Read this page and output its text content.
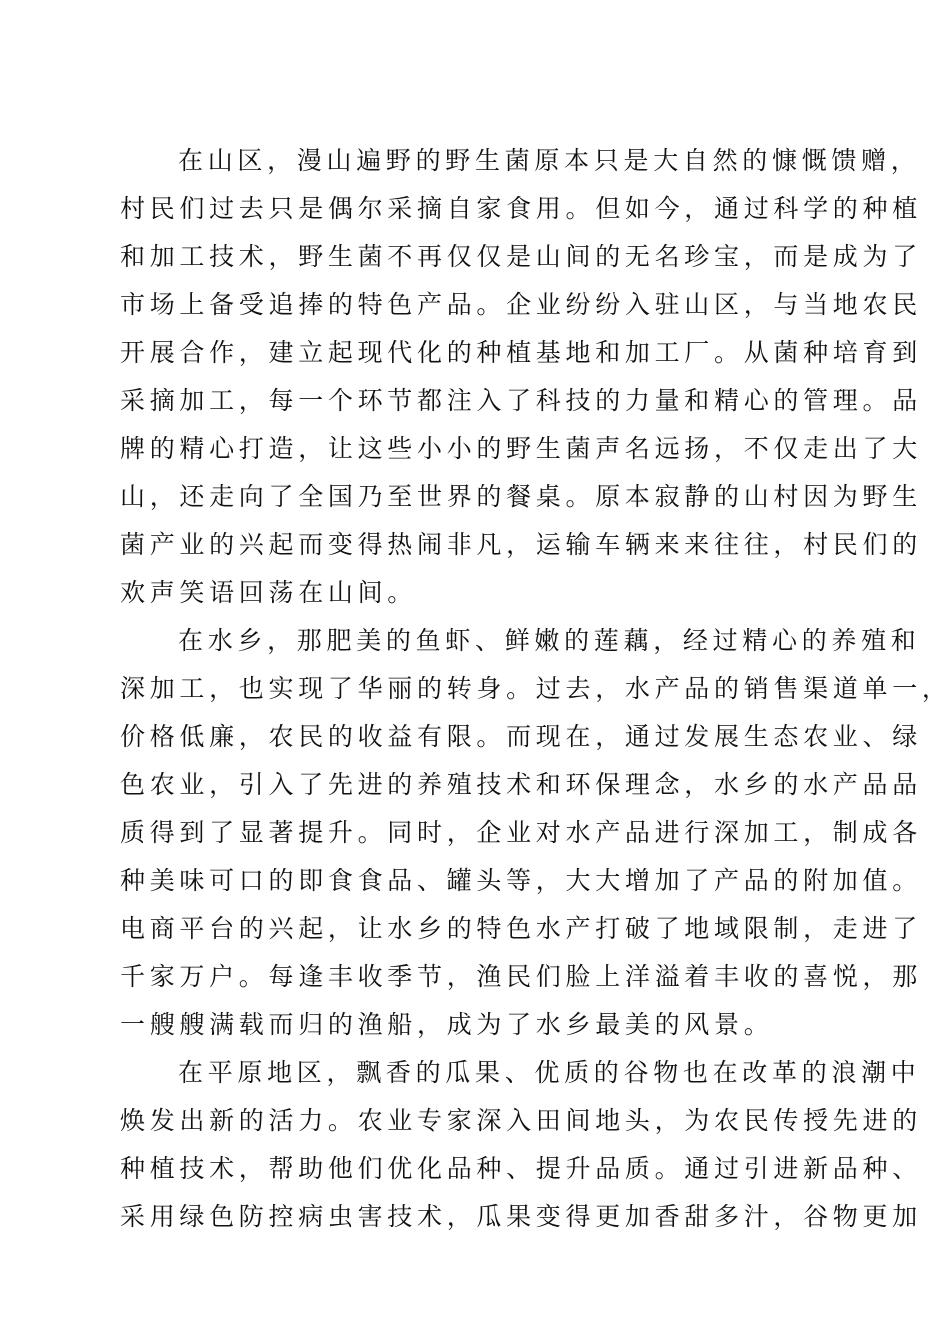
在山区，漫山遍野的野生菌原本只是大自然的慷慨馈赠，
村民们过去只是偶尔采摘自家食用。但如今，通过科学的种植
和加工技术，野生菌不再仅仅是山间的无名珍宝，而是成为了
市场上备受追捧的特色产品。企业纷纷入驻山区，与当地农民
开展合作，建立起现代化的种植基地和加工厂。从菌种培育到
采摘加工，每一个环节都注入了科技的力量和精心的管理。品
牌的精心打造，让这些小小的野生菌声名远扬，不仅走出了大
山，还走向了全国乃至世界的餐桌。原本寂静的山村因为野生
菌产业的兴起而变得热闹非凡，运输车辆来来往往，村民们的
欢声笑语回荡在山间。
在水乡，那肥美的鱼虾、鲜嫩的莲藕，经过精心的养殖和
深加工，也实现了华丽的转身。过去，水产品的销售渠道单一，
价格低廉，农民的收益有限。而现在，通过发展生态农业、绿
色农业，引入了先进的养殖技术和环保理念，水乡的水产品品
质得到了显著提升。同时，企业对水产品进行深加工，制成各
种美味可口的即食食品、罐头等，大大增加了产品的附加值。
电商平台的兴起，让水乡的特色水产打破了地域限制，走进了
千家万户。每逢丰收季节，渔民们脸上洋溢着丰收的喜悦，那
一艘艘满载而归的渔船，成为了水乡最美的风景。
在平原地区，飘香的瓜果、优质的谷物也在改革的浪潮中
焕发出新的活力。农业专家深入田间地头，为农民传授先进的
种植技术，帮助他们优化品种、提升品质。通过引进新品种、
采用绿色防控病虫害技术，瓜果变得更加香甜多汁，谷物更加
